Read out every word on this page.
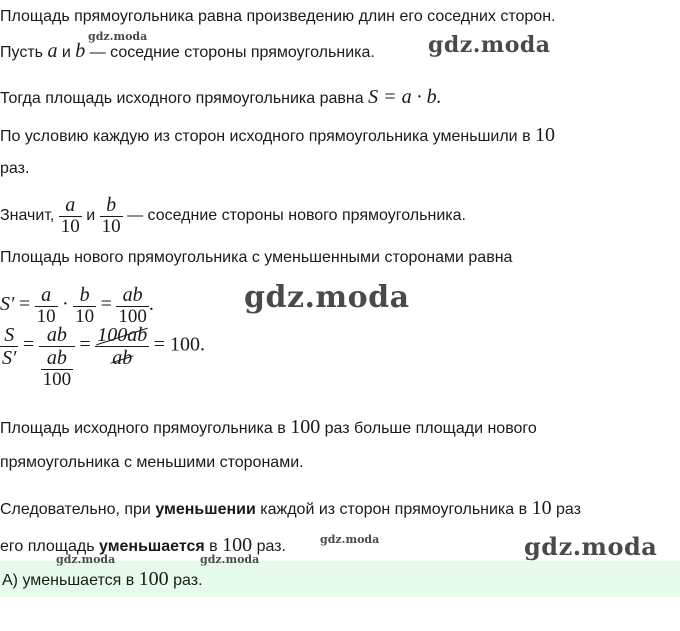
Площадь прямоугольника равна произведению длин его соседних сторон.
Пусть a и b — соседние стороны прямоугольника.
Тогда площадь исходного прямоугольника равна S = a · b.
По условию каждую из сторон исходного прямоугольника уменьшили в 10
раз.
Значит, $\frac{a}{10}$ и $\frac{b}{10}$ — соседние стороны нового прямоугольника.
Площадь нового прямоугольника с уменьшенными сторонами равна
$S' = \frac{a}{10} \cdot \frac{b}{10} = \frac{ab}{100}$ .
$\frac{S}{S'} = \frac{ab}{\frac{ab}{100}} = \frac{100ab}{ab} = 100$.
Площадь исходного прямоугольника в 100 раз больше площади нового
прямоугольника с меньшими сторонами.
Следовательно, при уменьшении каждой из сторон прямоугольника в 10 раз
его площадь уменьшается в 100 раз.
А) уменьшается в 100 раз.
gdz.moda	gdz.moda
gdz.moda
gdz.moda	gdz.moda
gdz.moda	gdz.moda
